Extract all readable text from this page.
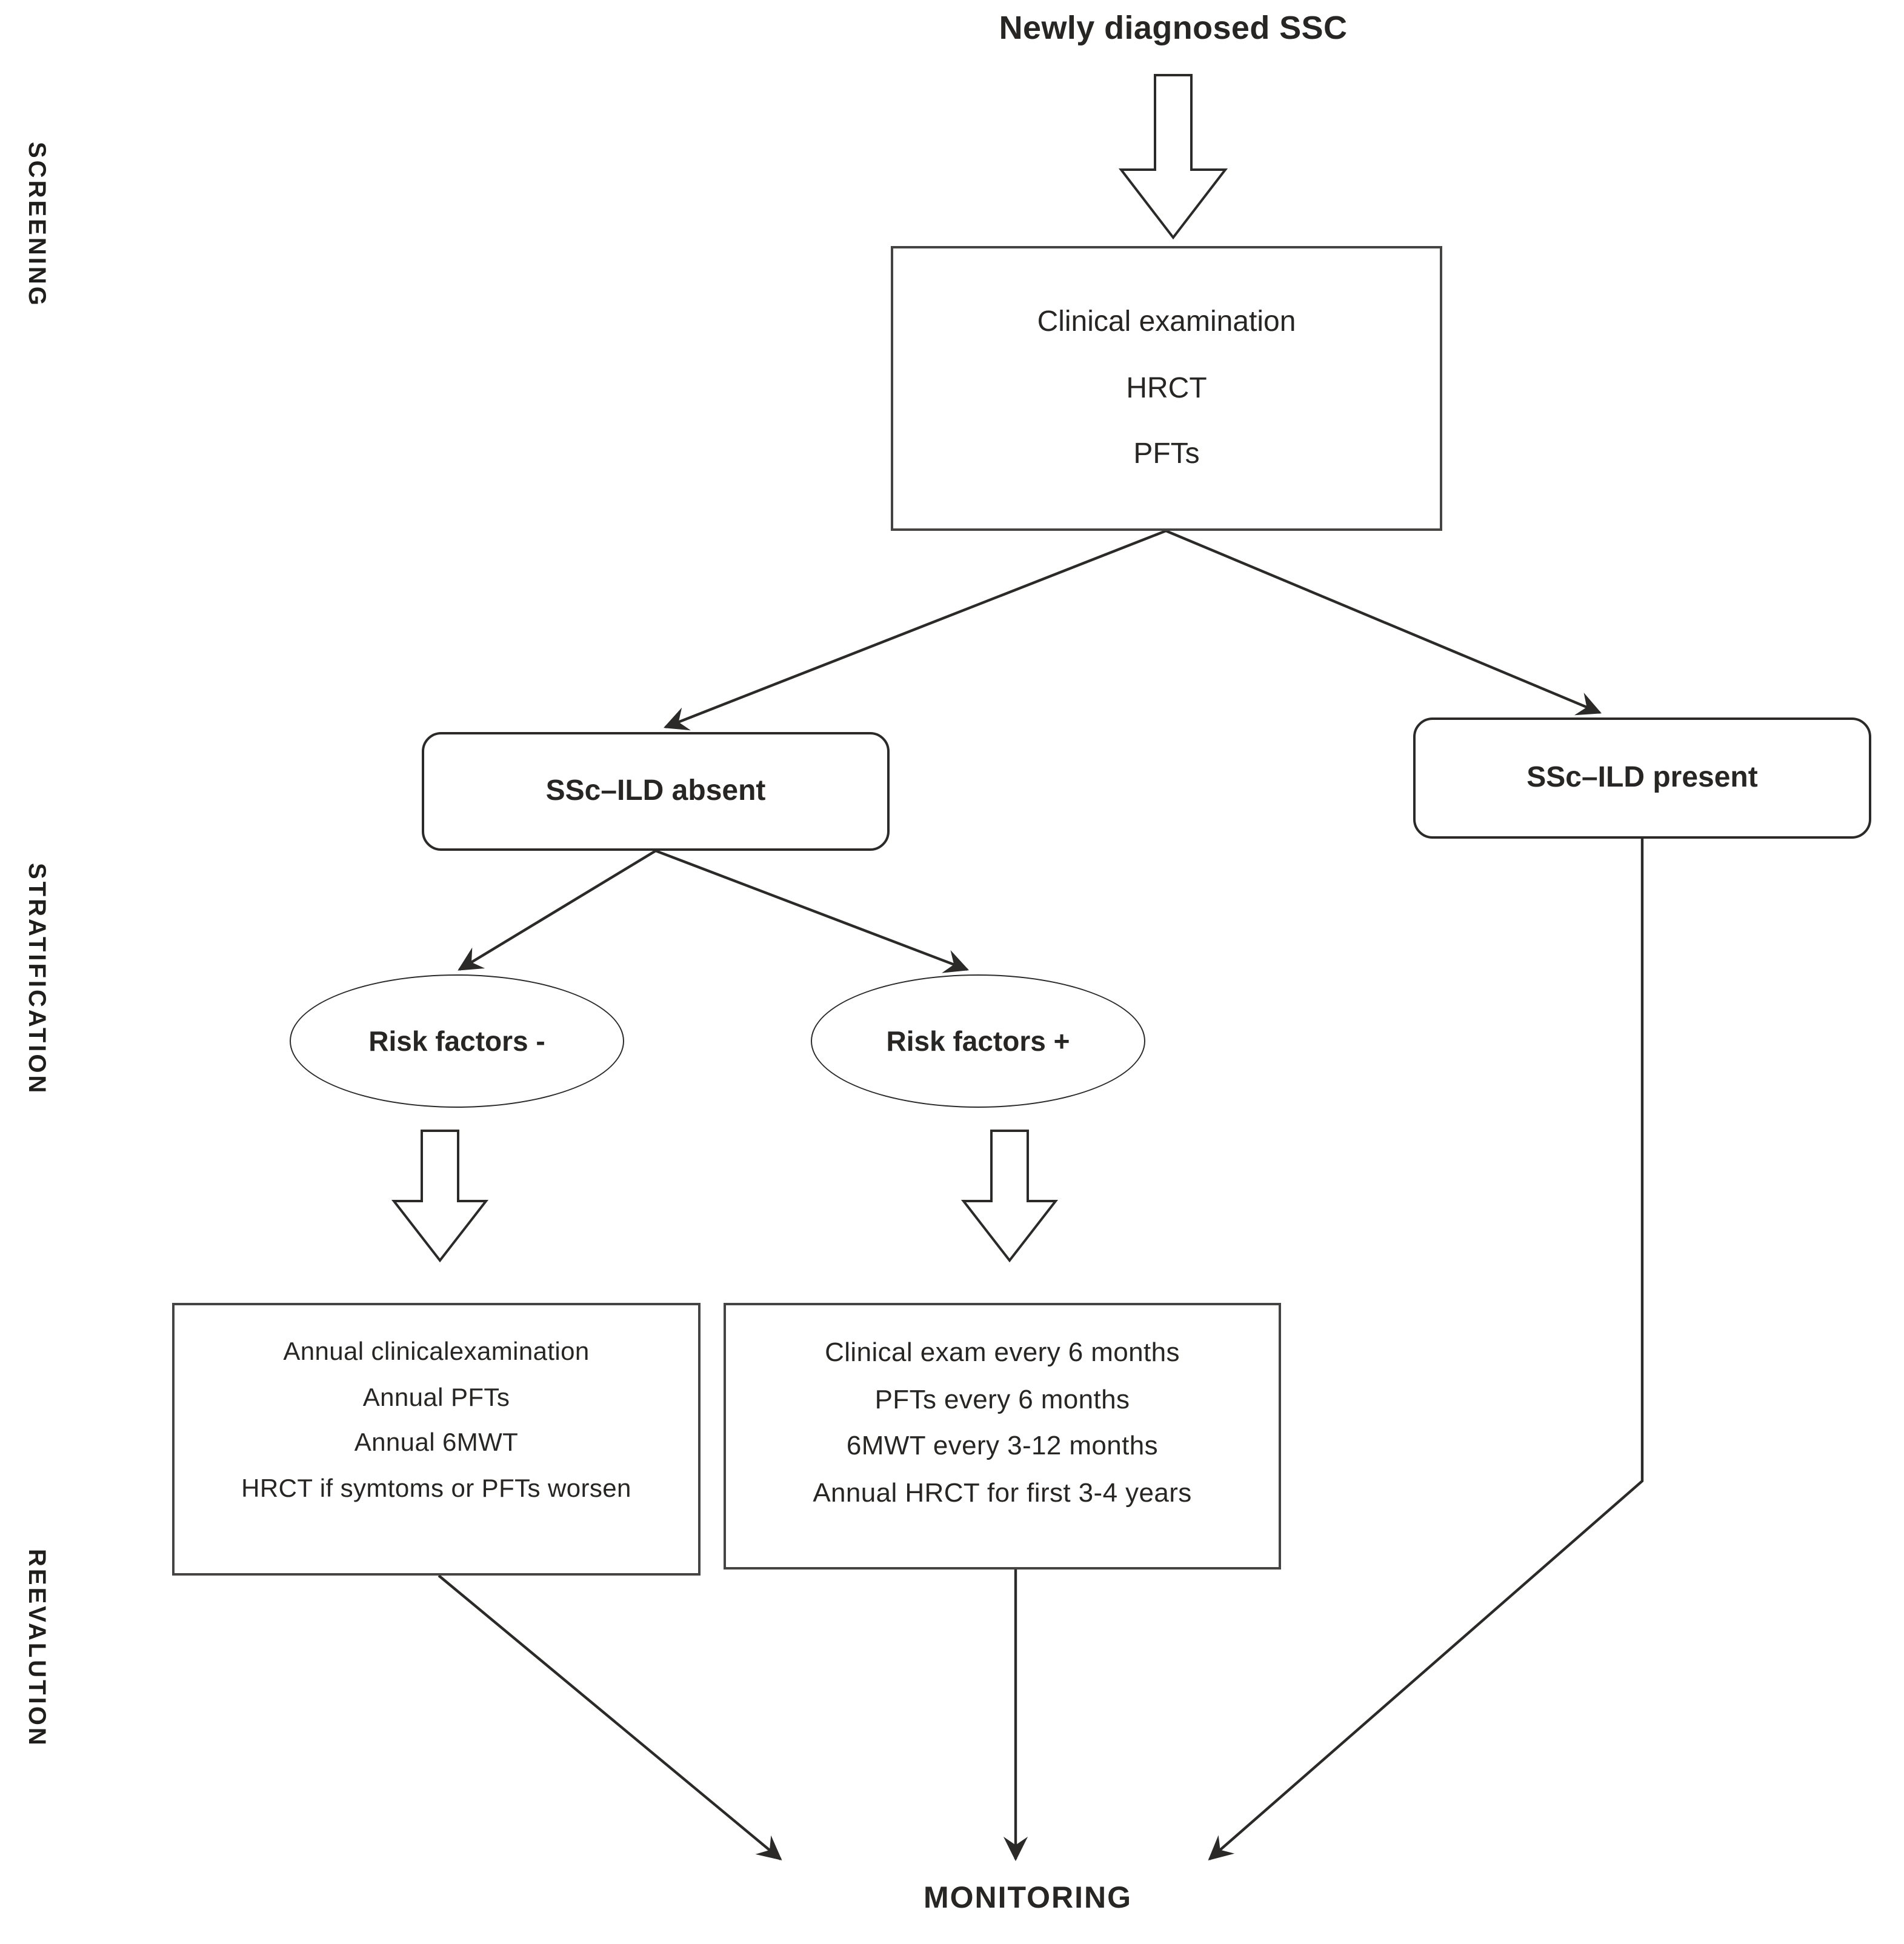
Newly diagnosed SSC
SCREENING
STRATIFICATION
REEVALUTION
Clinical examination
HRCT
PFTs
SSc–ILD absent	SSc–ILD present
Risk factors -	Risk factors +
Annual clinicalexamination
Annual PFTs
Annual 6MWT
HRCT if symtoms or PFTs worsen
Clinical exam every 6 months
PFTs every 6 months
6MWT every 3-12 months
Annual HRCT for first 3-4 years
MONITORING
